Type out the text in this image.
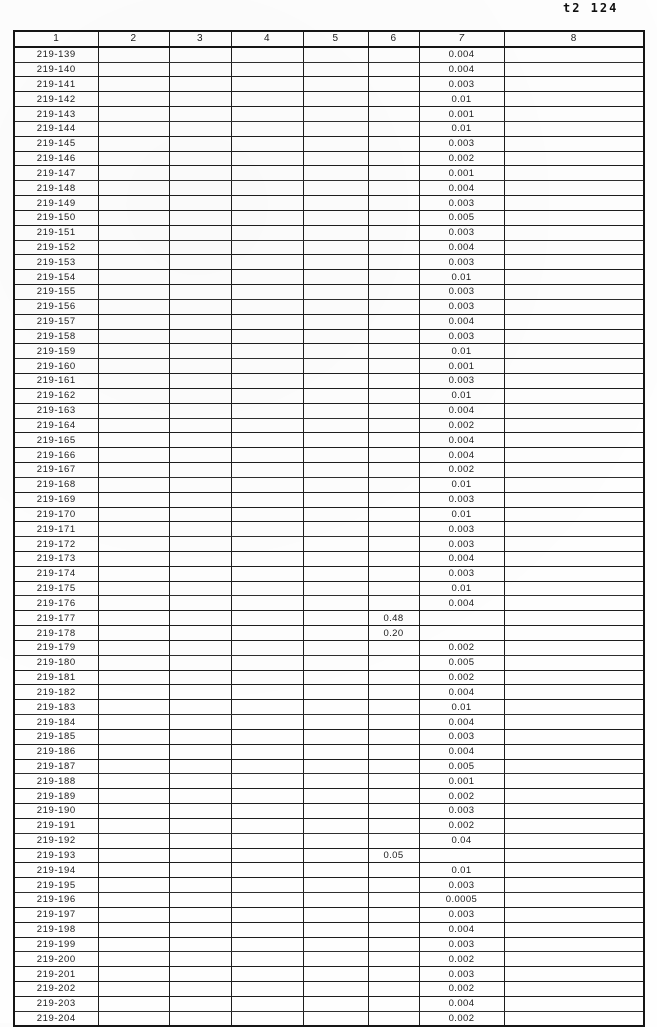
t2 124
1	2	3	4	5	6	7	8
219-139						0.004	
219-140						0.004	
219-141						0.003	
219-142						0.01	
219-143						0.001	
219-144						0.01	
219-145						0.003	
219-146						0.002	
219-147						0.001	
219-148						0.004	
219-149						0.003	
219-150						0.005	
219-151						0.003	
219-152						0.004	
219-153						0.003	
219-154						0.01	
219-155						0.003	
219-156						0.003	
219-157						0.004	
219-158						0.003	
219-159						0.01	
219-160						0.001	
219-161						0.003	
219-162						0.01	
219-163						0.004	
219-164						0.002	
219-165						0.004	
219-166						0.004	
219-167						0.002	
219-168						0.01	
219-169						0.003	
219-170						0.01	
219-171						0.003	
219-172						0.003	
219-173						0.004	
219-174						0.003	
219-175						0.01	
219-176						0.004	
219-177					0.48		
219-178					0.20		
219-179						0.002	
219-180						0.005	
219-181						0.002	
219-182						0.004	
219-183						0.01	
219-184						0.004	
219-185						0.003	
219-186						0.004	
219-187						0.005	
219-188						0.001	
219-189						0.002	
219-190						0.003	
219-191						0.002	
219-192						0.04	
219-193					0.05		
219-194						0.01	
219-195						0.003	
219-196						0.0005	
219-197						0.003	
219-198						0.004	
219-199						0.003	
219-200						0.002	
219-201						0.003	
219-202						0.002	
219-203						0.004	
219-204						0.002	
